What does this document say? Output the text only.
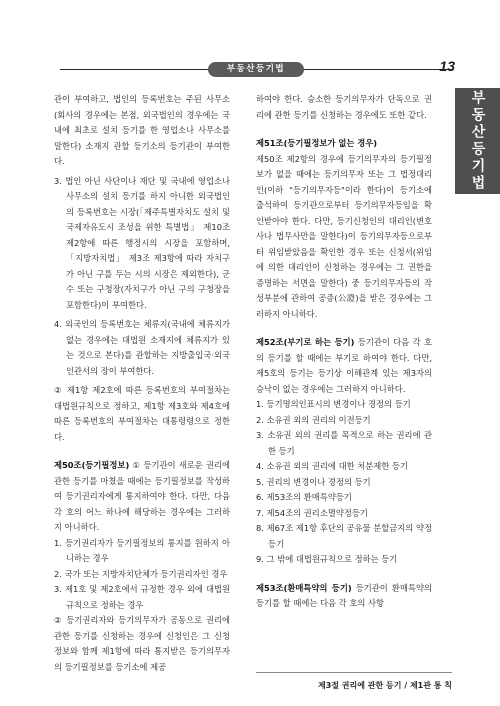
부동산등기법	13
부동산등기법
관이 부여하고, 법인의 등록번호는 주된 사무소(회사의 경우에는 본점, 외국법인의 경우에는 국내에 최초로 설치 등기를 한 영업소나 사무소를 말한다) 소재지 관할 등기소의 등기관이 부여한다.
3. 법인 아닌 사단이나 재단 및 국내에 영업소나 사무소의 설치 등기를 하지 아니한 외국법인의 등록번호는 시장(「제주특별자치도 설치 및 국제자유도시 조성을 위한 특별법」 제10조 제2항에 따른 행정시의 시장을 포함하며, 「지방자치법」 제3조 제3항에 따라 자치구가 아닌 구를 두는 시의 시장은 제외한다), 군수 또는 구청장(자치구가 아닌 구의 구청장을 포함한다)이 부여한다.
4. 외국인의 등록번호는 체류지(국내에 체류지가 없는 경우에는 대법원 소재지에 체류지가 있는 것으로 본다)를 관할하는 지방출입국·외국인관서의 장이 부여한다.
② 제1항 제2호에 따른 등록번호의 부여절차는 대법원규칙으로 정하고, 제1항 제3호와 제4호에 따른 등록번호의 부여절차는 대통령령으로 정한다.
제50조(등기필정보) ① 등기관이 새로운 권리에 관한 등기를 마쳤을 때에는 등기필정보를 작성하여 등기권리자에게 통지하여야 한다. 다만, 다음 각 호의 어느 하나에 해당하는 경우에는 그러하지 아니하다.
1. 등기권리자가 등기필정보의 통지를 원하지 아니하는 경우
2. 국가 또는 지방자치단체가 등기권리자인 경우
3. 제1호 및 제2호에서 규정한 경우 외에 대법원규칙으로 정하는 경우
② 등기권리자와 등기의무자가 공동으로 권리에 관한 등기를 신청하는 경우에 신청인은 그 신청정보와 함께 제1항에 따라 통지받은 등기의무자의 등기필정보를 등기소에 제공
하여야 한다. 승소한 등기의무자가 단독으로 권리에 관한 등기를 신청하는 경우에도 또한 같다.
제51조(등기필정보가 없는 경우)
제50조 제2항의 경우에 등기의무자의 등기필정보가 없을 때에는 등기의무자 또는 그 법정대리인(이하 "등기의무자등"이라 한다)이 등기소에 출석하여 등기관으로부터 등기의무자등임을 확인받아야 한다. 다만, 등기신청인의 대리인(변호사나 법무사만을 말한다)이 등기의무자등으로부터 위임받았음을 확인한 경우 또는 신청서(위임에 의한 대리인이 신청하는 경우에는 그 권한을 증명하는 서면을 말한다) 중 등기의무자등의 작성부분에 관하여 공증(公證)을 받은 경우에는 그러하지 아니하다.
제52조(부기로 하는 등기) 등기관이 다음 각 호의 등기를 할 때에는 부기로 하여야 한다. 다만, 제5호의 등기는 등기상 이해관계 있는 제3자의 승낙이 없는 경우에는 그러하지 아니하다.
1. 등기명의인표시의 변경이나 경정의 등기
2. 소유권 외의 권리의 이전등기
3. 소유권 외의 권리를 목적으로 하는 권리에 관한 등기
4. 소유권 외의 권리에 대한 처분제한 등기
5. 권리의 변경이나 경정의 등기
6. 제53조의 환매특약등기
7. 제54조의 권리소멸약정등기
8. 제67조 제1항 후단의 공유물 분할금지의 약정등기
9. 그 밖에 대법원규칙으로 정하는 등기
제53조(환매특약의 등기) 등기관이 환매특약의 등기를 할 때에는 다음 각 호의 사항
제3절 권리에 관한 등기 / 제1관 통 칙
